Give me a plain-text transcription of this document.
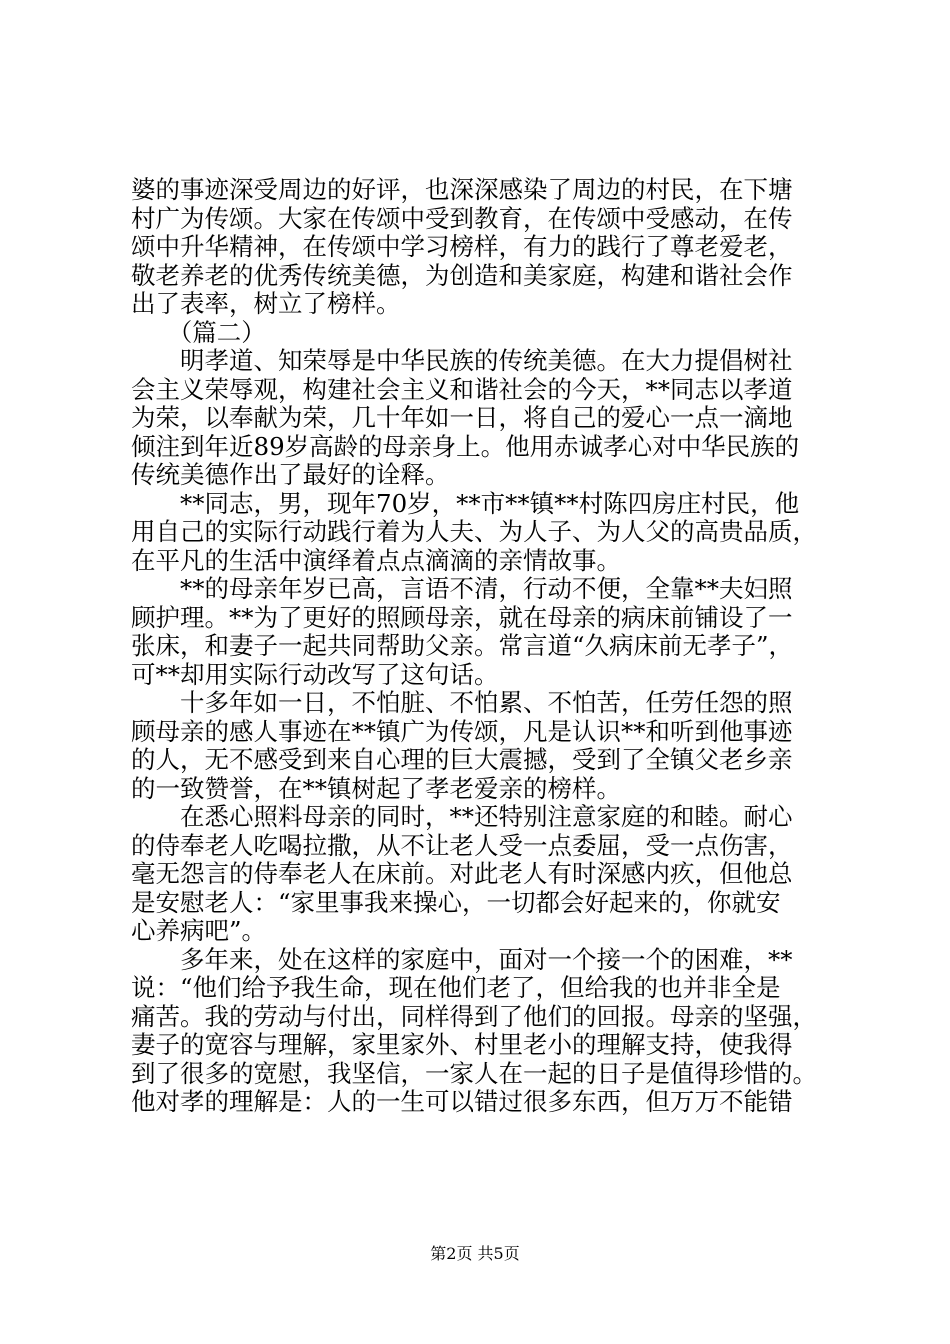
婆的事迹深受周边的好评，也深深感染了周边的村民，在下塘
村广为传颂。大家在传颂中受到教育，在传颂中受感动，在传
颂中升华精神，在传颂中学习榜样，有力的践行了尊老爱老，
敬老养老的优秀传统美德，为创造和美家庭，构建和谐社会作
出了表率，树立了榜样。
　　（篇二）
　　明孝道、知荣辱是中华民族的传统美德。在大力提倡树社
会主义荣辱观，构建社会主义和谐社会的今天，**同志以孝道
为荣，以奉献为荣，几十年如一日，将自己的爱心一点一滴地
倾注到年近89岁高龄的母亲身上。他用赤诚孝心对中华民族的
传统美德作出了最好的诠释。
　　**同志，男，现年70岁，**市**镇**村陈四房庄村民，他
用自己的实际行动践行着为人夫、为人子、为人父的高贵品质，
在平凡的生活中演绎着点点滴滴的亲情故事。
　　**的母亲年岁已高，言语不清，行动不便，全靠**夫妇照
顾护理。**为了更好的照顾母亲，就在母亲的病床前铺设了一
张床，和妻子一起共同帮助父亲。常言道“久病床前无孝子”，
可**却用实际行动改写了这句话。
　　十多年如一日，不怕脏、不怕累、不怕苦，任劳任怨的照
顾母亲的感人事迹在**镇广为传颂，凡是认识**和听到他事迹
的人，无不感受到来自心理的巨大震撼，受到了全镇父老乡亲
的一致赞誉，在**镇树起了孝老爱亲的榜样。
　　在悉心照料母亲的同时，**还特别注意家庭的和睦。耐心
的侍奉老人吃喝拉撒，从不让老人受一点委屈，受一点伤害，
毫无怨言的侍奉老人在床前。对此老人有时深感内疚，但他总
是安慰老人：“家里事我来操心，一切都会好起来的，你就安
心养病吧”。
　　多年来，处在这样的家庭中，面对一个接一个的困难，**
说：“他们给予我生命，现在他们老了，但给我的也并非全是
痛苦。我的劳动与付出，同样得到了他们的回报。母亲的坚强，
妻子的宽容与理解，家里家外、村里老小的理解支持，使我得
到了很多的宽慰，我坚信，一家人在一起的日子是值得珍惜的。
他对孝的理解是：人的一生可以错过很多东西，但万万不能错
第2页 共5页
